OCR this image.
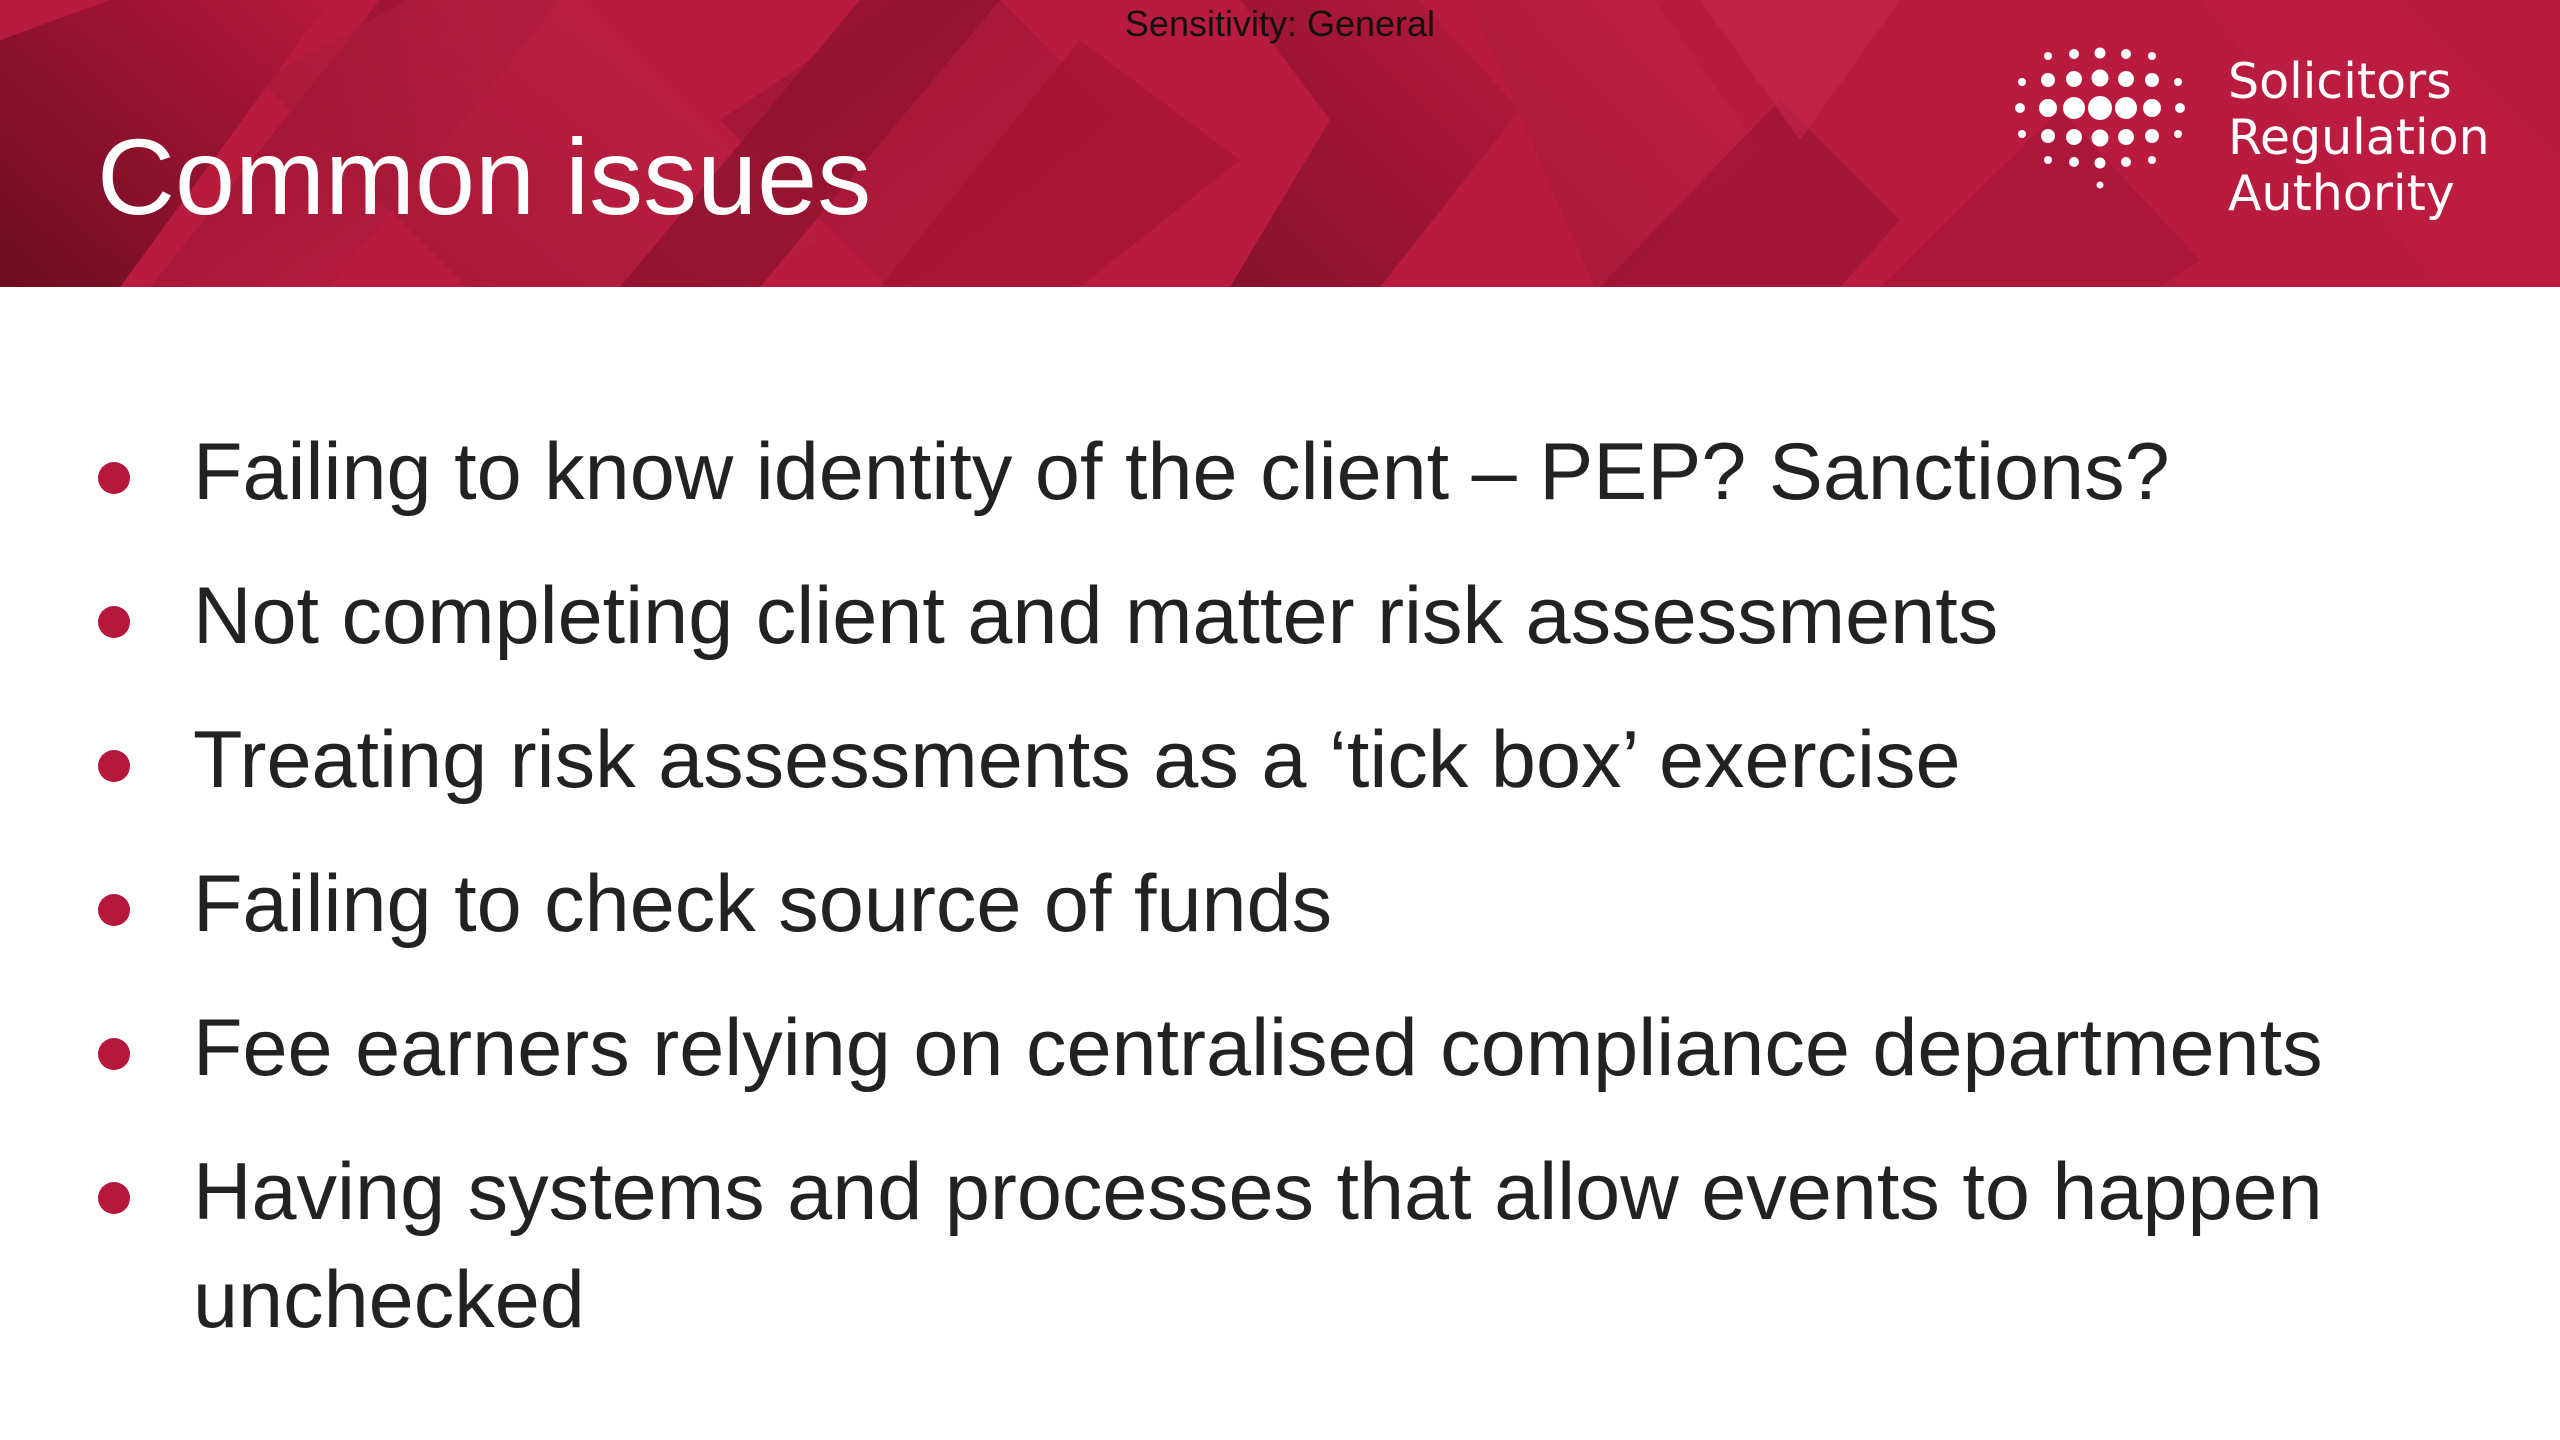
Sensitivity: General
Common issues
Solicitors
Regulation
Authority
Failing to know identity of the client – PEP? Sanctions?
Not completing client and matter risk assessments
Treating risk assessments as a ‘tick box’ exercise
Failing to check source of funds
Fee earners relying on centralised compliance departments
Having systems and processes that allow events to happen unchecked
